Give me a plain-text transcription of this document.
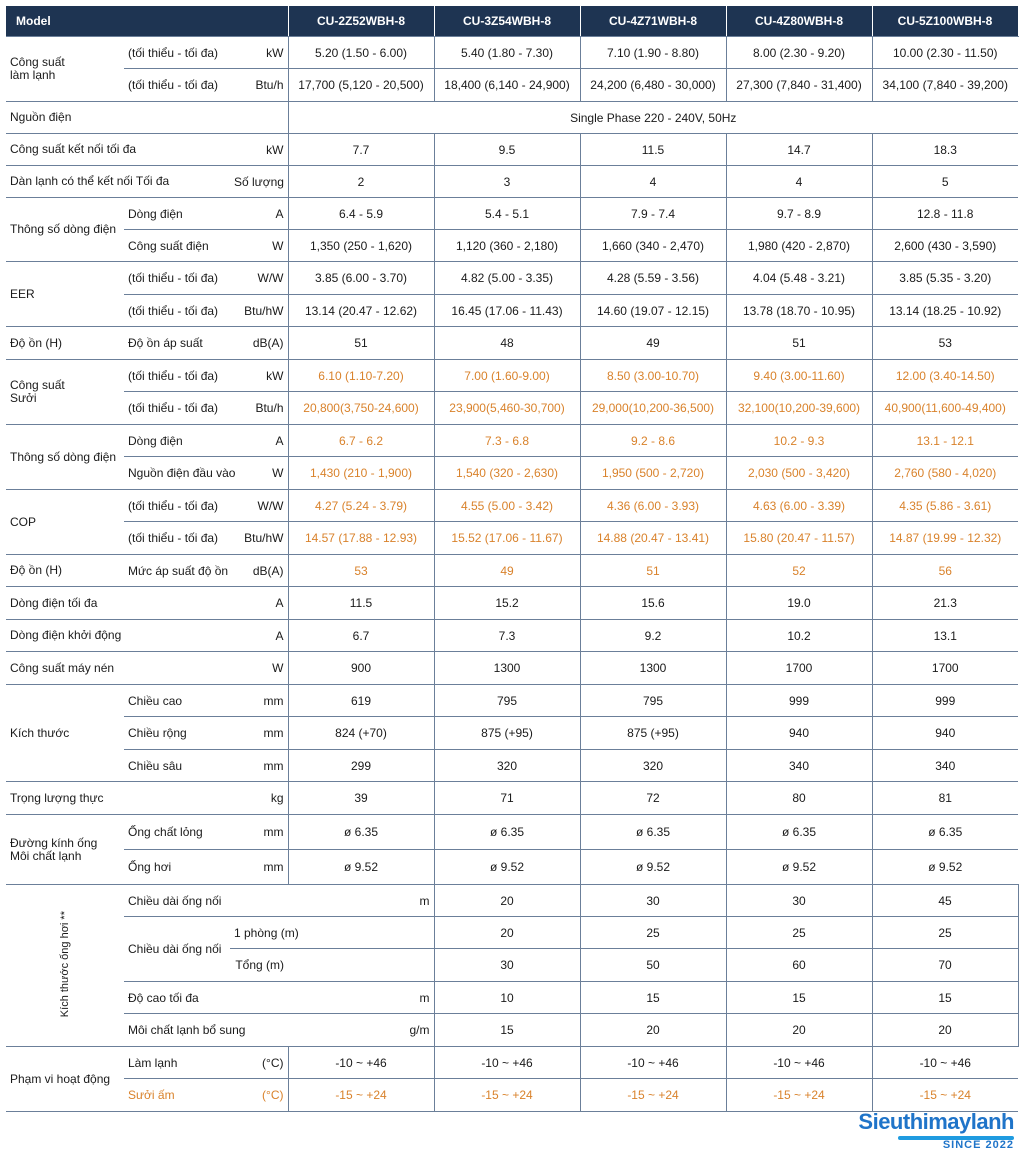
Model			CU-2Z52WBH-8	CU-3Z54WBH-8	CU-4Z71WBH-8	CU-4Z80WBH-8	CU-5Z100WBH-8	
Công suất
làm lạnh	(tối thiểu - tối đa)	kW	5.20 (1.50 - 6.00)	5.40 (1.80 - 7.30)	7.10 (1.90 - 8.80)	8.00 (2.30 - 9.20)	10.00 (2.30 - 11.50)	
	(tối thiểu - tối đa)	Btu/h	17,700 (5,120 - 20,500)	18,400 (6,140 - 24,900)	24,200 (6,480 - 30,000)	27,300 (7,840 - 31,400)	34,100 (7,840 - 39,200)	
Nguồn điện			Single Phase 220 - 240V, 50Hz					
Công suất kết nối tối đa		kW	7.7	9.5	11.5	14.7	18.3	
Dàn lạnh có thể kết nối Tối đa		Số lượng	2	3	4	4	5	
Thông số dòng điện	Dòng điện	A	6.4 - 5.9	5.4 - 5.1	7.9 - 7.4	9.7 - 8.9	12.8 - 11.8	
	Công suất điện	W	1,350 (250 - 1,620)	1,120 (360 - 2,180)	1,660 (340 - 2,470)	1,980 (420 - 2,870)	2,600 (430 - 3,590)	
EER	(tối thiểu - tối đa)	W/W	3.85 (6.00 - 3.70)	4.82 (5.00 - 3.35)	4.28 (5.59 - 3.56)	4.04 (5.48 - 3.21)	3.85 (5.35 - 3.20)	
	(tối thiểu - tối đa)	Btu/hW	13.14 (20.47 - 12.62)	16.45 (17.06 - 11.43)	14.60 (19.07 - 12.15)	13.78 (18.70 - 10.95)	13.14 (18.25 - 10.92)	
Độ ồn (H)	Độ ồn áp suất	dB(A)	51	48	49	51	53	
Công suất
Sưởi	(tối thiểu - tối đa)	kW	6.10 (1.10-7.20)	7.00 (1.60-9.00)	8.50 (3.00-10.70)	9.40 (3.00-11.60)	12.00 (3.40-14.50)	
	(tối thiểu - tối đa)	Btu/h	20,800(3,750-24,600)	23,900(5,460-30,700)	29,000(10,200-36,500)	32,100(10,200-39,600)	40,900(11,600-49,400)	
Thông số dòng điện	Dòng điện	A	6.7 - 6.2	7.3 - 6.8	9.2 - 8.6	10.2 - 9.3	13.1 - 12.1	
	Nguồn điện đầu vào	W	1,430 (210 - 1,900)	1,540 (320 - 2,630)	1,950 (500 - 2,720)	2,030 (500 - 3,420)	2,760 (580 - 4,020)	
COP	(tối thiểu - tối đa)	W/W	4.27 (5.24 - 3.79)	4.55 (5.00 - 3.42)	4.36 (6.00 - 3.93)	4.63 (6.00 - 3.39)	4.35 (5.86 - 3.61)	
	(tối thiểu - tối đa)	Btu/hW	14.57 (17.88 - 12.93)	15.52 (17.06 - 11.67)	14.88 (20.47 - 13.41)	15.80 (20.47 - 11.57)	14.87 (19.99 - 12.32)	
Độ ồn (H)	Mức áp suất độ ồn	dB(A)	53	49	51	52	56	
Dòng điện tối đa		A	11.5	15.2	15.6	19.0	21.3	
Dòng điện khởi động		A	6.7	7.3	9.2	10.2	13.1	
Công suất máy nén		W	900	1300	1300	1700	1700	
Kích thước	Chiều cao	mm	619	795	795	999	999	
	Chiều rộng	mm	824 (+70)	875 (+95)	875 (+95)	940	940	
	Chiều sâu	mm	299	320	320	340	340	
Trọng lượng thực		kg	39	71	72	80	81	
Đường kính ống
Môi chất lạnh	Ống chất lỏng	mm	ø 6.35	ø 6.35	ø 6.35	ø 6.35	ø 6.35	
	Ống hơi	mm	ø 9.52	ø 9.52	ø 9.52	ø 9.52	ø 9.52	
Kích thước ống hơi **	Chiều dài ống nối		m	20	30	30	45	
	Chiều dài ống nối	1 phòng (m)		20	25	25	25	
		Tổng (m)		30	50	60	70	
	Độ cao tối đa		m	10	15	15	15	
	Môi chất lạnh bổ sung		g/m	15	20	20	20	
Phạm vi hoạt động	Làm lạnh	(°C)	-10 ~ +46	-10 ~ +46	-10 ~ +46	-10 ~ +46	-10 ~ +46	
	Sưởi ấm	(°C)	-15 ~ +24	-15 ~ +24	-15 ~ +24	-15 ~ +24	-15 ~ +24	
Sieuthimaylanh
SINCE 2022
